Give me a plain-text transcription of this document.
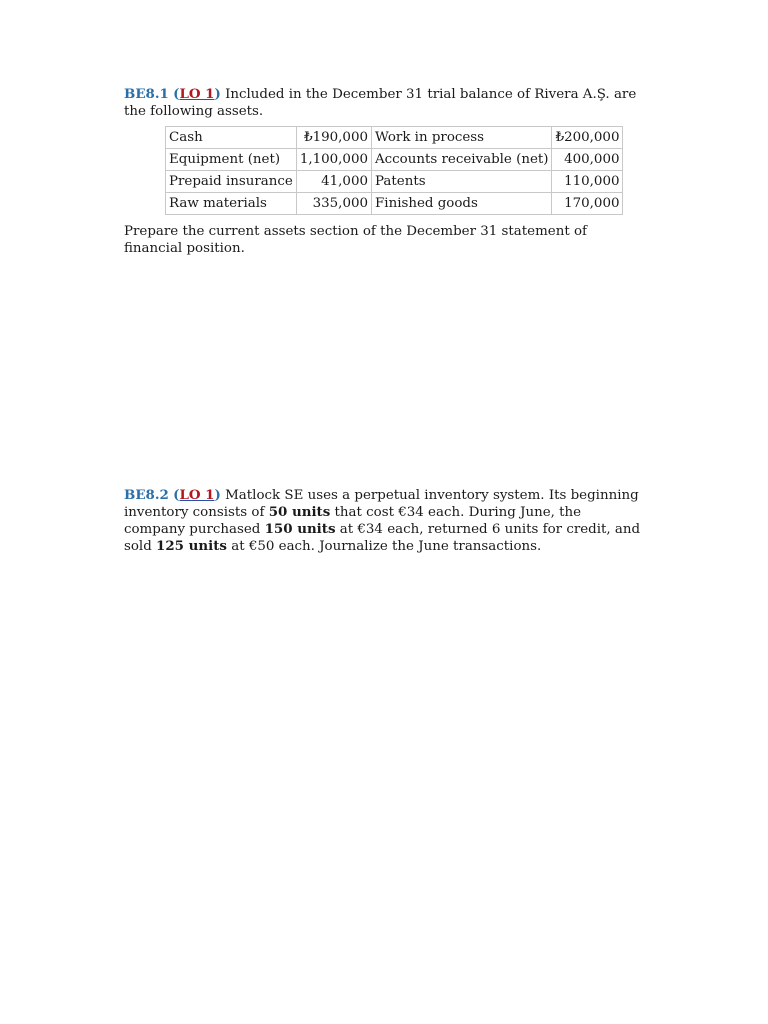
BE8.1 (LO 1) Included in the December 31 trial balance of Rivera A.Ş. are the following assets.
Cash	₺190,000	Work in process	₺200,000
Equipment (net)	1,100,000	Accounts receivable (net)	400,000
Prepaid insurance	41,000	Patents	110,000
Raw materials	335,000	Finished goods	170,000
Prepare the current assets section of the December 31 statement of financial position.
BE8.2 (LO 1) Matlock SE uses a perpetual inventory system. Its beginning inventory consists of 50 units that cost €34 each. During June, the company purchased 150 units at €34 each, returned 6 units for credit, and sold 125 units at €50 each. Journalize the June transactions.
